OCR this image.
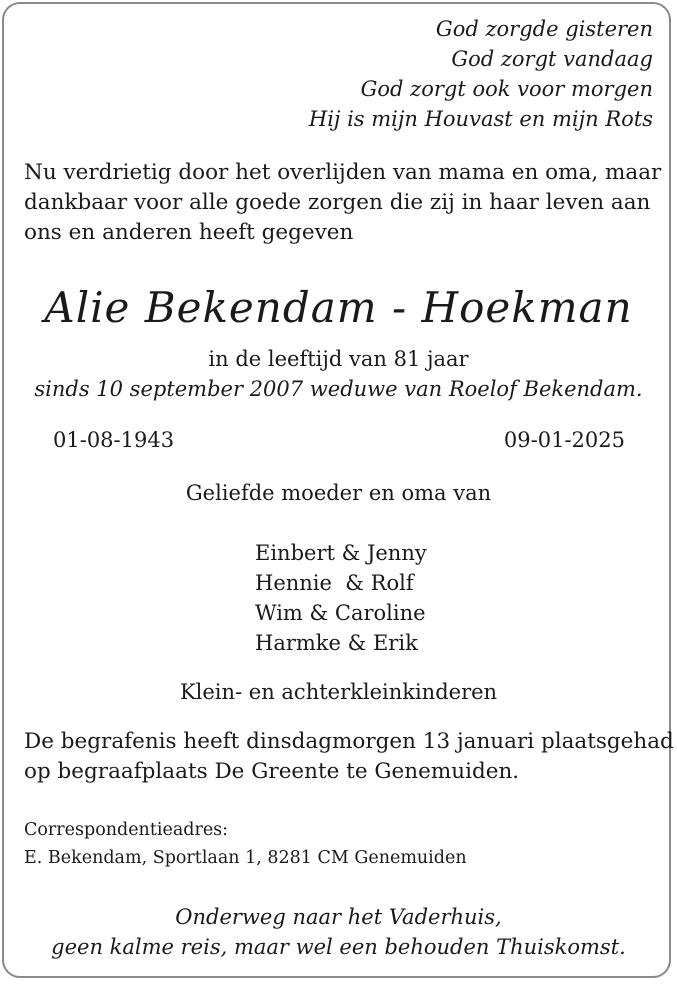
God zorgde gisteren
God zorgt vandaag
God zorgt ook voor morgen
Hij is mijn Houvast en mijn Rots
Nu verdrietig door het overlijden van mama en oma, maar
dankbaar voor alle goede zorgen die zij in haar leven aan
ons en anderen heeft gegeven
Alie Bekendam - Hoekman
in de leeftijd van 81 jaar
sinds 10 september 2007 weduwe van Roelof Bekendam.
01-08-1943	09-01-2025
Geliefde moeder en oma van
Einbert & Jenny
Hennie  & Rolf
Wim & Caroline
Harmke & Erik
Klein- en achterkleinkinderen
De begrafenis heeft dinsdagmorgen 13 januari plaatsgehad
op begraafplaats De Greente te Genemuiden.
Correspondentieadres:
E. Bekendam, Sportlaan 1, 8281 CM Genemuiden
Onderweg naar het Vaderhuis,
geen kalme reis, maar wel een behouden Thuiskomst.
